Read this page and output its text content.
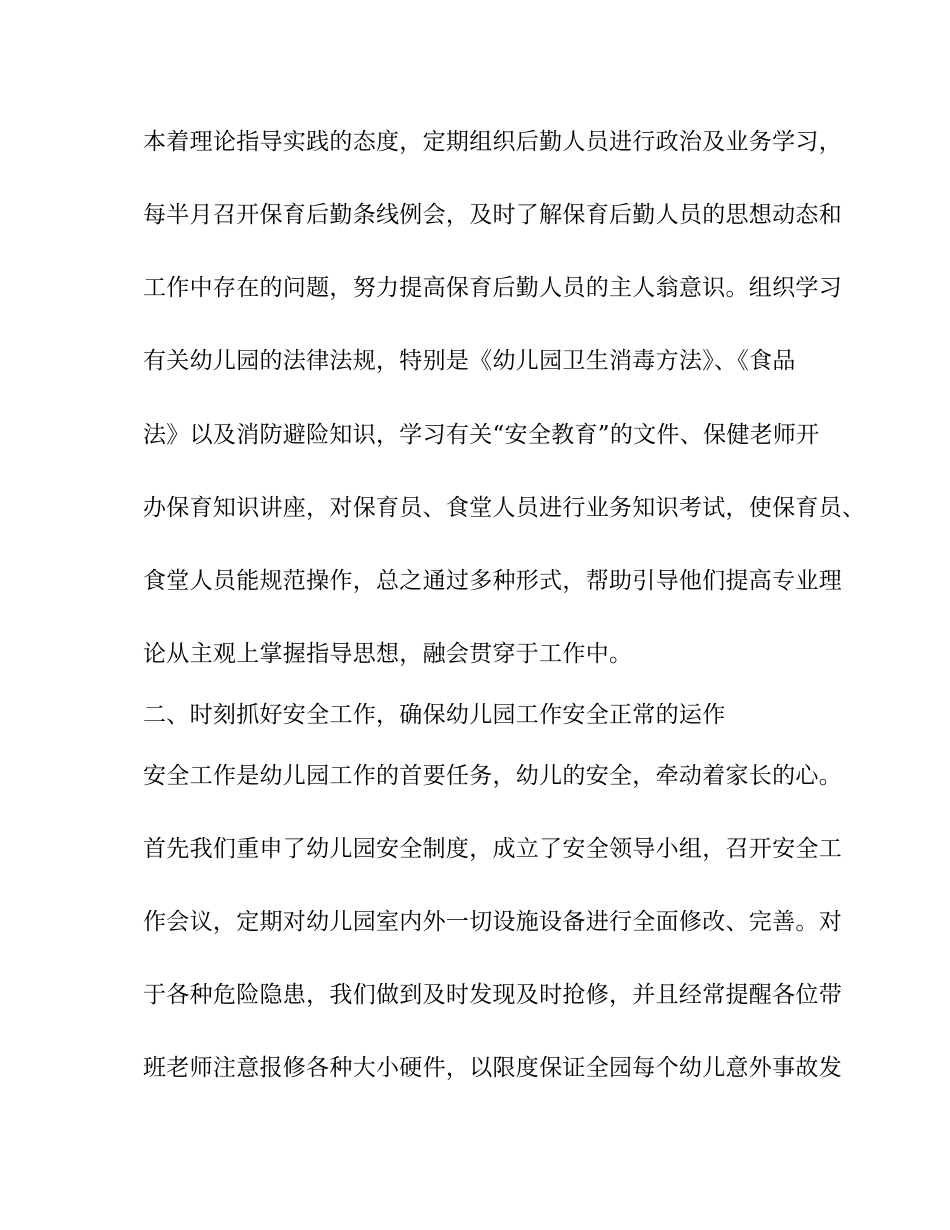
本着理论指导实践的态度，定期组织后勤人员进行政治及业务学习，
每半月召开保育后勤条线例会，及时了解保育后勤人员的思想动态和
工作中存在的问题，努力提高保育后勤人员的主人翁意识。组织学习
有关幼儿园的法律法规，特别是《幼儿园卫生消毒方法》、《食品
法》以及消防避险知识，学习有关“安全教育”的文件、保健老师开
办保育知识讲座，对保育员、食堂人员进行业务知识考试，使保育员、
食堂人员能规范操作，总之通过多种形式，帮助引导他们提高专业理
论从主观上掌握指导思想，融会贯穿于工作中。
二、时刻抓好安全工作，确保幼儿园工作安全正常的运作
安全工作是幼儿园工作的首要任务，幼儿的安全，牵动着家长的心。
首先我们重申了幼儿园安全制度，成立了安全领导小组，召开安全工
作会议，定期对幼儿园室内外一切设施设备进行全面修改、完善。对
于各种危险隐患，我们做到及时发现及时抢修，并且经常提醒各位带
班老师注意报修各种大小硬件，以限度保证全园每个幼儿意外事故发
